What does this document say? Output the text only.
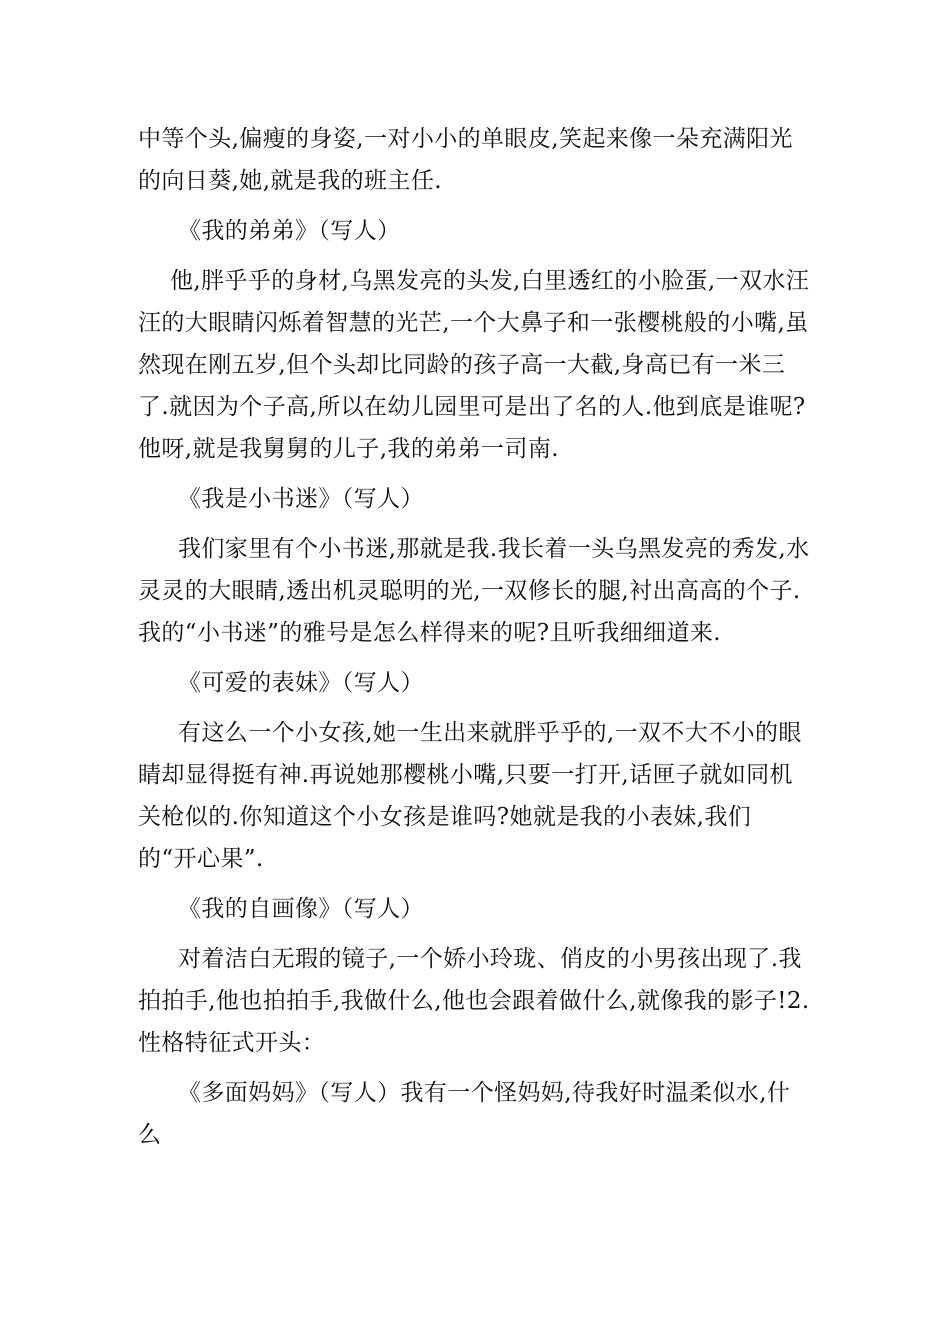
中等个头,偏瘦的身姿,一对小小的单眼皮,笑起来像一朵充满阳光的向日葵,她,就是我的班主任.

《我的弟弟》（写人）

他,胖乎乎的身材,乌黑发亮的头发,白里透红的小脸蛋,一双水汪汪的大眼睛闪烁着智慧的光芒,一个大鼻子和一张樱桃般的小嘴,虽然现在刚五岁,但个头却比同龄的孩子高一大截,身高已有一米三了.就因为个子高,所以在幼儿园里可是出了名的人.他到底是谁呢?他呀,就是我舅舅的儿子,我的弟弟一司南.

《我是小书迷》（写人）

我们家里有个小书迷,那就是我.我长着一头乌黑发亮的秀发,水灵灵的大眼睛,透出机灵聪明的光,一双修长的腿,衬出高高的个子.我的“小书迷”的雅号是怎么样得来的呢?且听我细细道来.

《可爱的表妹》（写人）

有这么一个小女孩,她一生出来就胖乎乎的,一双不大不小的眼睛却显得挺有神.再说她那樱桃小嘴,只要一打开,话匣子就如同机关枪似的.你知道这个小女孩是谁吗?她就是我的小表妹,我们的“开心果”.

《我的自画像》（写人）

对着洁白无瑕的镜子,一个娇小玲珑、俏皮的小男孩出现了.我拍拍手,他也拍拍手,我做什么,他也会跟着做什么,就像我的影子!2. 性格特征式开头：

《多面妈妈》（写人）我有一个怪妈妈,待我好时温柔似水,什么
